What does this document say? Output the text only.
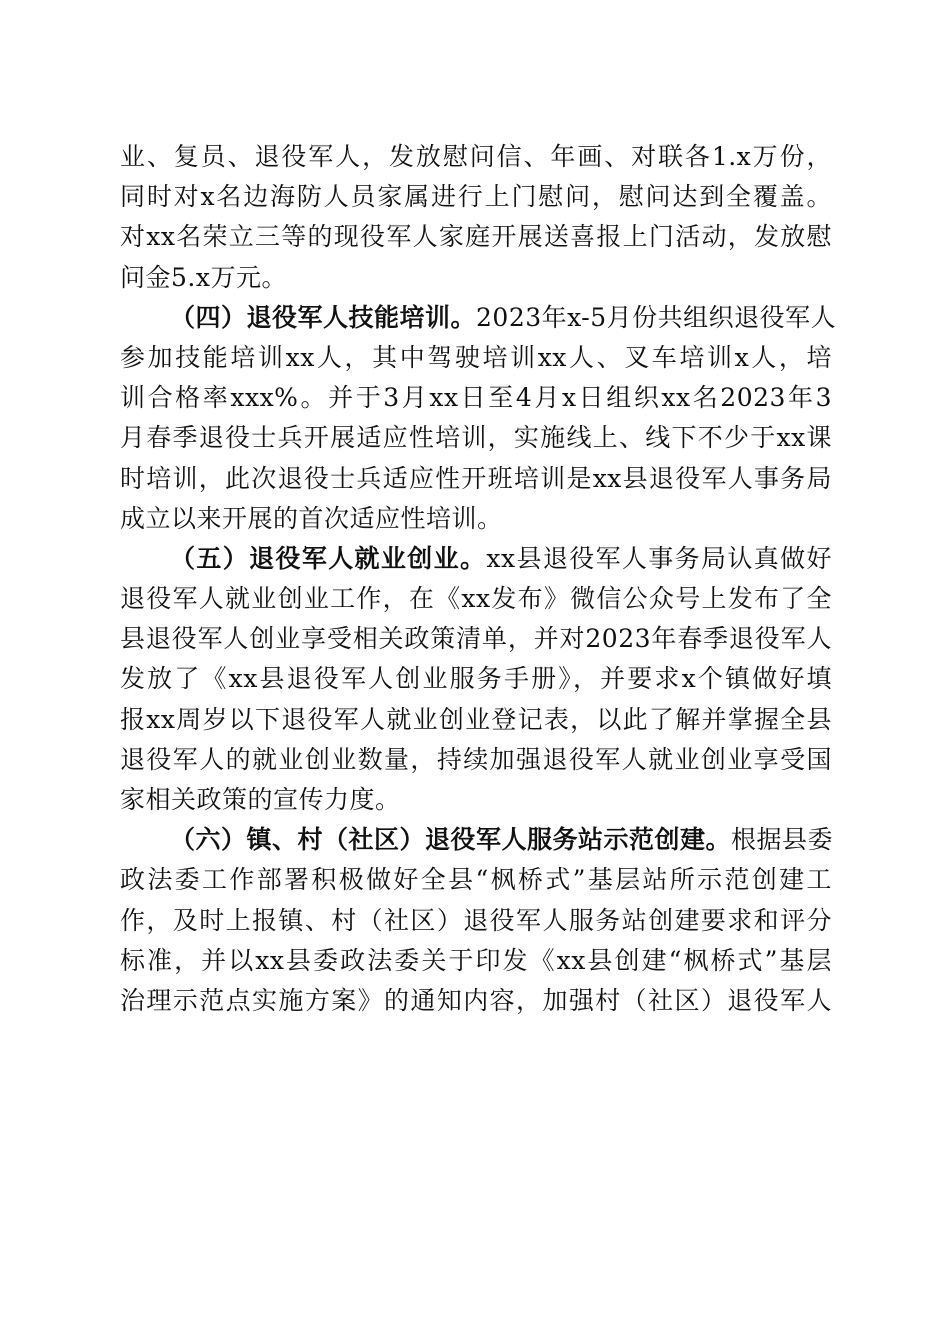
业、复员、退役军人，发放慰问信、年画、对联各1.x万份，
同时对x名边海防人员家属进行上门慰问，慰问达到全覆盖。
对xx名荣立三等的现役军人家庭开展送喜报上门活动，发放慰
问金5.x万元。
（四）退役军人技能培训。2023年x-5月份共组织退役军人
参加技能培训xx人，其中驾驶培训xx人、叉车培训x人，培
训合格率xxx%。并于3月xx日至4月x日组织xx名2023年3
月春季退役士兵开展适应性培训，实施线上、线下不少于xx课
时培训，此次退役士兵适应性开班培训是xx县退役军人事务局
成立以来开展的首次适应性培训。
（五）退役军人就业创业。xx县退役军人事务局认真做好
退役军人就业创业工作，在《xx发布》微信公众号上发布了全
县退役军人创业享受相关政策清单，并对2023年春季退役军人
发放了《xx县退役军人创业服务手册》，并要求x个镇做好填
报xx周岁以下退役军人就业创业登记表，以此了解并掌握全县
退役军人的就业创业数量，持续加强退役军人就业创业享受国
家相关政策的宣传力度。
（六）镇、村（社区）退役军人服务站示范创建。根据县委
政法委工作部署积极做好全县“枫桥式”基层站所示范创建工
作，及时上报镇、村（社区）退役军人服务站创建要求和评分
标准，并以xx县委政法委关于印发《xx县创建“枫桥式”基层
治理示范点实施方案》的通知内容，加强村（社区）退役军人
